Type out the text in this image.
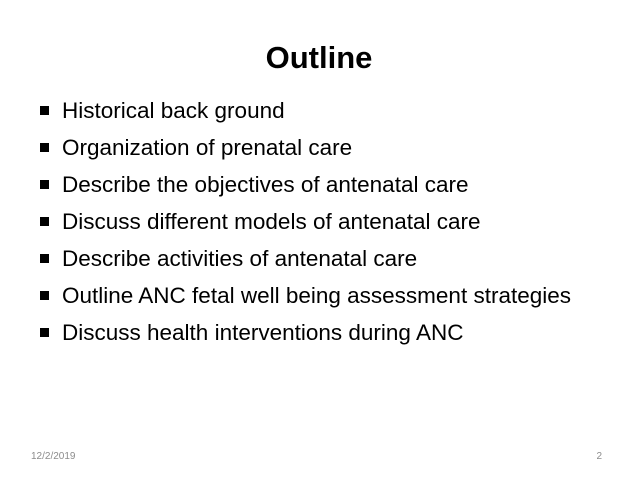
Outline
Historical back ground
Organization of prenatal care
Describe the objectives of antenatal care
Discuss different models of antenatal care
Describe activities of antenatal care
Outline ANC fetal well being assessment strategies
Discuss health interventions during ANC
12/2/2019	2
